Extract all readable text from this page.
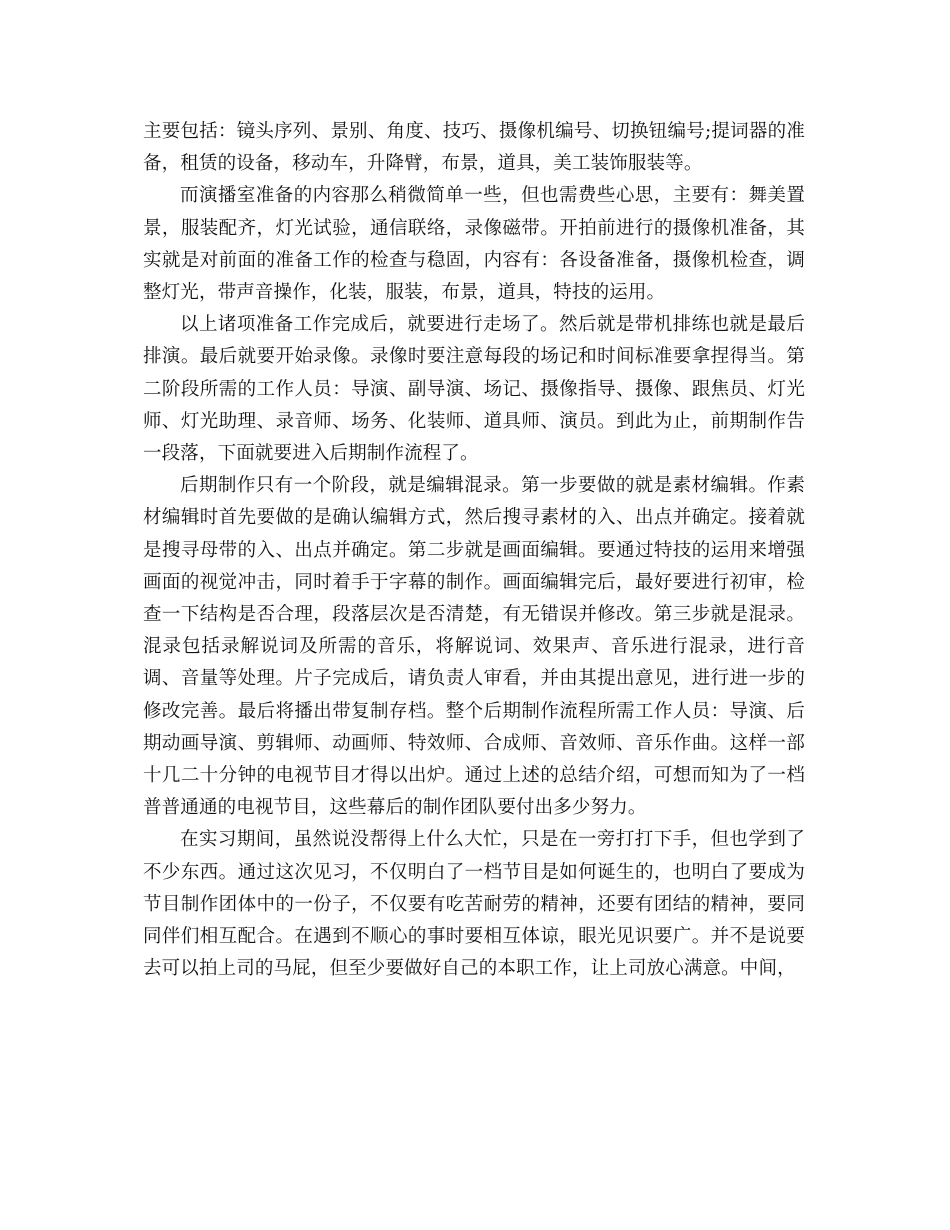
主要包括：镜头序列、景别、角度、技巧、摄像机编号、切换钮编号;提词器的准备，租赁的设备，移动车，升降臂，布景，道具，美工装饰服装等。

而演播室准备的内容那么稍微简单一些，但也需费些心思，主要有：舞美置景，服装配齐，灯光试验，通信联络，录像磁带。开拍前进行的摄像机准备，其实就是对前面的准备工作的检查与稳固，内容有：各设备准备，摄像机检查，调整灯光，带声音操作，化装，服装，布景，道具，特技的运用。

以上诸项准备工作完成后，就要进行走场了。然后就是带机排练也就是最后排演。最后就要开始录像。录像时要注意每段的场记和时间标准要拿捏得当。第二阶段所需的工作人员：导演、副导演、场记、摄像指导、摄像、跟焦员、灯光师、灯光助理、录音师、场务、化装师、道具师、演员。到此为止，前期制作告一段落，下面就要进入后期制作流程了。

后期制作只有一个阶段，就是编辑混录。第一步要做的就是素材编辑。作素材编辑时首先要做的是确认编辑方式，然后搜寻素材的入、出点并确定。接着就是搜寻母带的入、出点并确定。第二步就是画面编辑。要通过特技的运用来增强画面的视觉冲击，同时着手于字幕的制作。画面编辑完后，最好要进行初审，检查一下结构是否合理，段落层次是否清楚，有无错误并修改。第三步就是混录。混录包括录解说词及所需的音乐，将解说词、效果声、音乐进行混录，进行音调、音量等处理。片子完成后，请负责人审看，并由其提出意见，进行进一步的修改完善。最后将播出带复制存档。整个后期制作流程所需工作人员：导演、后期动画导演、剪辑师、动画师、特效师、合成师、音效师、音乐作曲。这样一部十几二十分钟的电视节目才得以出炉。通过上述的总结介绍，可想而知为了一档普普通通的电视节目，这些幕后的制作团队要付出多少努力。

在实习期间，虽然说没帮得上什么大忙，只是在一旁打打下手，但也学到了不少东西。通过这次见习，不仅明白了一档节目是如何诞生的，也明白了要成为节目制作团体中的一份子，不仅要有吃苦耐劳的精神，还要有团结的精神，要同同伴们相互配合。在遇到不顺心的事时要相互体谅，眼光见识要广。并不是说要去可以拍上司的马屁，但至少要做好自己的本职工作，让上司放心满意。中间，
